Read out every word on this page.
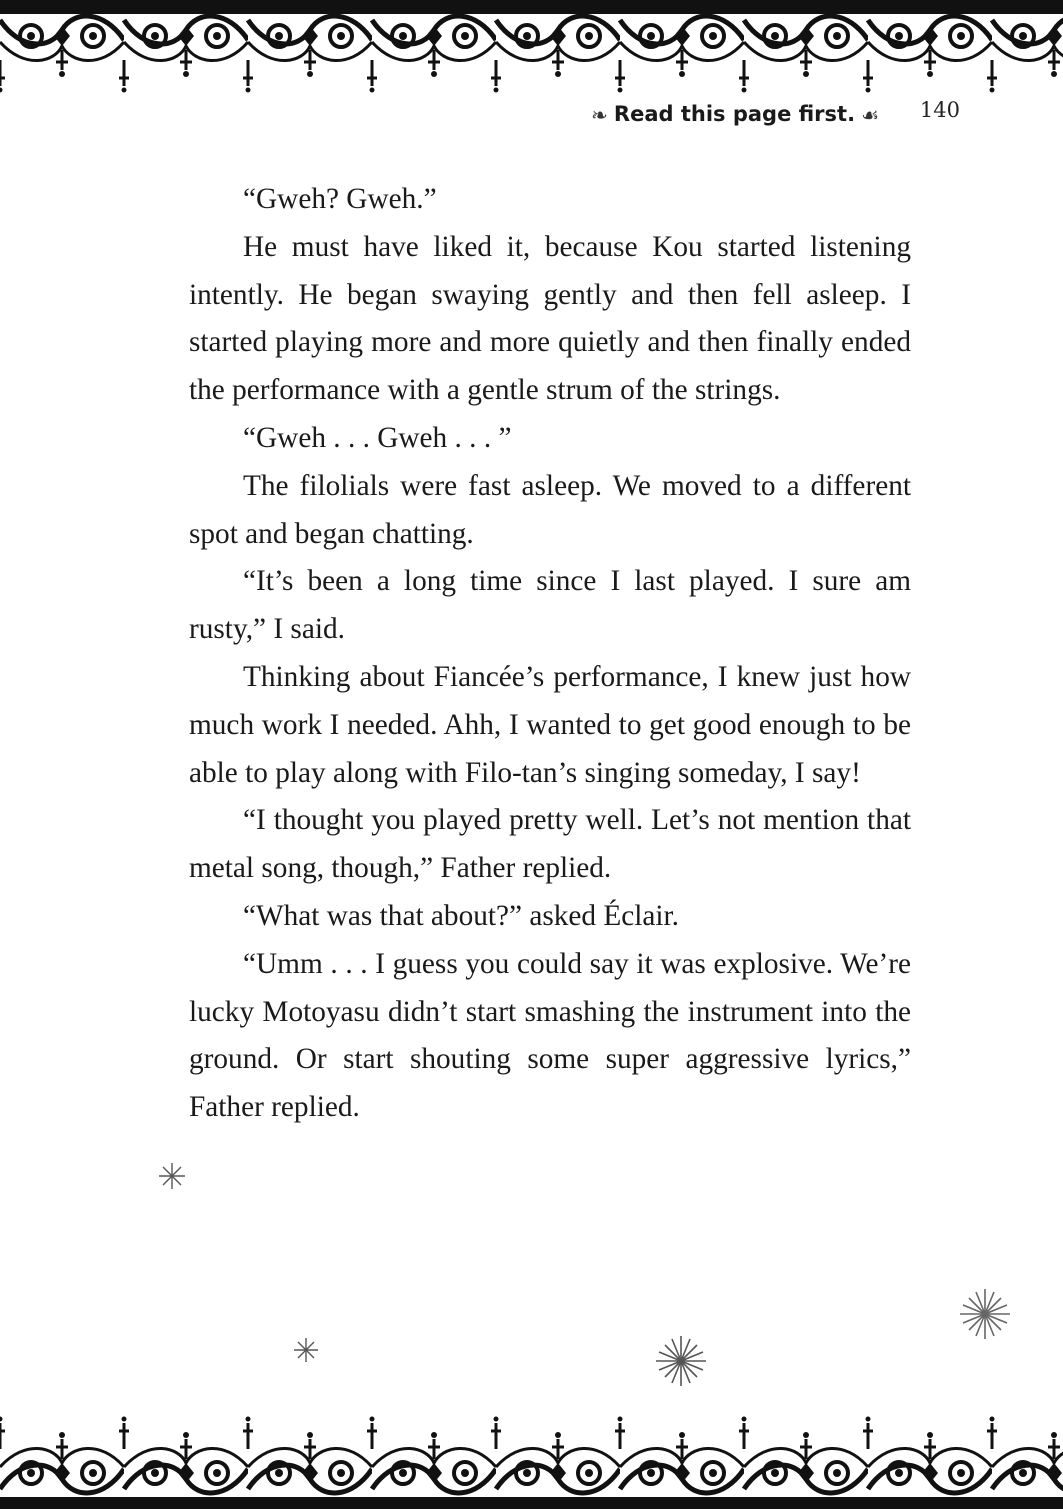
❧ Read this page first. ☙ 140

“Gweh? Gweh.”

He must have liked it, because Kou started listening intently. He began swaying gently and then fell asleep. I started playing more and more quietly and then finally ended the performance with a gentle strum of the strings.

“Gweh . . . Gweh . . . ”

The filolials were fast asleep. We moved to a different spot and began chatting.

“It’s been a long time since I last played. I sure am rusty,” I said.

Thinking about Fiancée’s performance, I knew just how much work I needed. Ahh, I wanted to get good enough to be able to play along with Filo-tan’s singing someday, I say!

“I thought you played pretty well. Let’s not mention that metal song, though,” Father replied.

“What was that about?” asked Éclair.

“Umm . . . I guess you could say it was explosive. We’re lucky Motoyasu didn’t start smashing the instrument into the ground. Or start shouting some super aggressive lyrics,” Father replied.
